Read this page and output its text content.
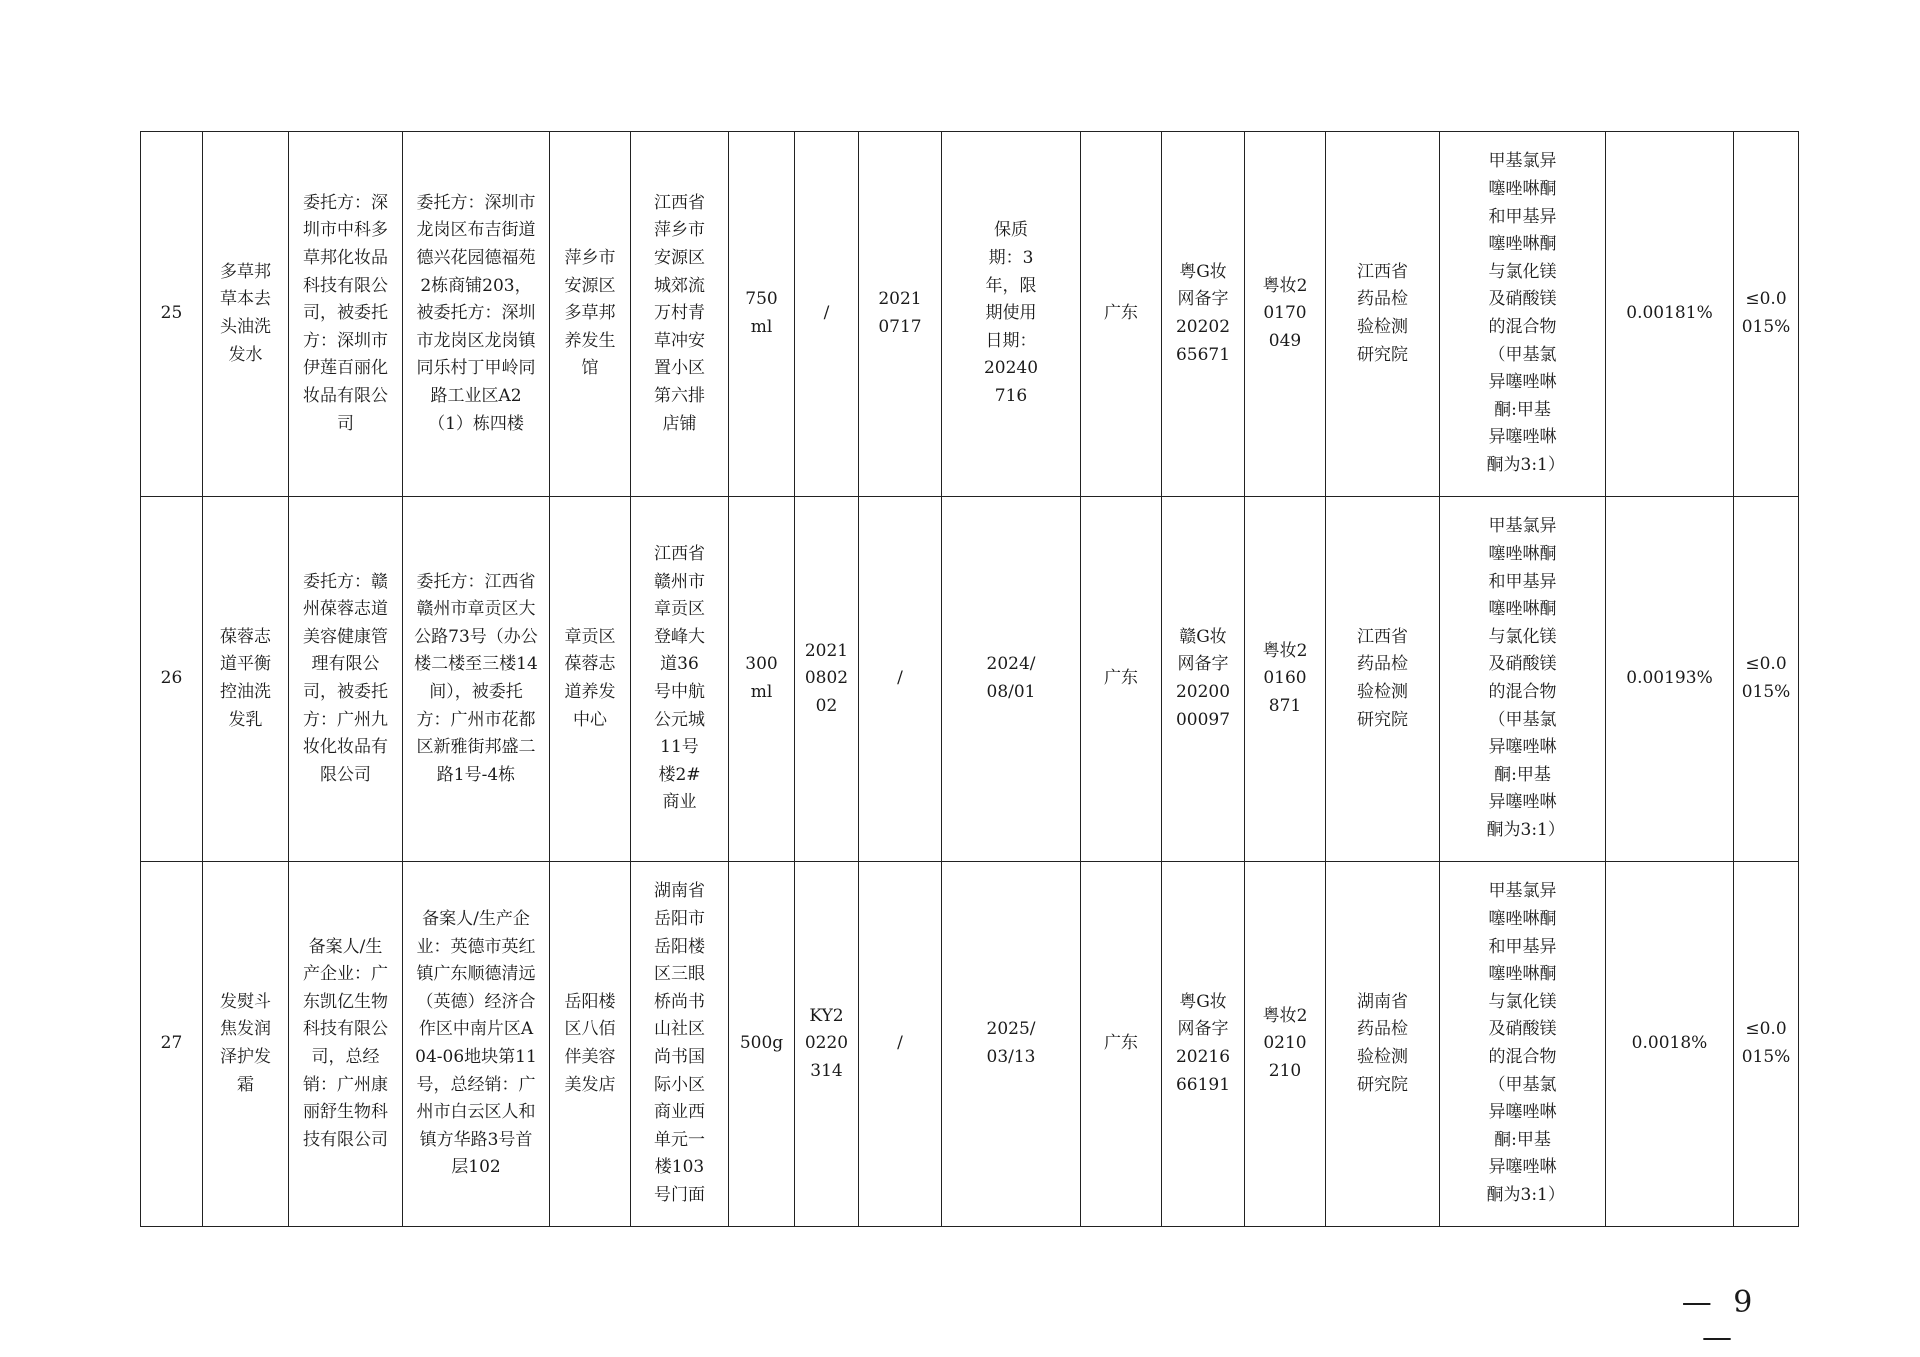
25	多草邦草本去头油洗发水	委托方：深圳市中科多草邦化妆品科技有限公司，被委托方：深圳市伊莲百丽化妆品有限公司	委托方：深圳市龙岗区布吉街道德兴花园德福苑2栋商铺203，被委托方：深圳市龙岗区龙岗镇同乐村丁甲岭同路工业区A2（1）栋四楼	萍乡市安源区多草邦养发生馆	江西省萍乡市安源区城郊流万村青草冲安置小区第六排店铺	750 ml	/	20210717	保质期：3年，限期使用日期：20240716	广东	粤G妆网备字2020265671	粤妆20170049	江西省药品检验检测研究院	甲基氯异噻唑啉酮和甲基异噻唑啉酮与氯化镁及硝酸镁的混合物（甲基氯异噻唑啉酮:甲基异噻唑啉酮为3:1）	0.00181%	≤0.0015%
26	葆蓉志道平衡控油洗发乳	委托方：赣州葆蓉志道美容健康管理有限公司，被委托方：广州九妆化妆品有限公司	委托方：江西省赣州市章贡区大公路73号（办公楼二楼至三楼14间），被委托方：广州市花都区新雅街邦盛二路1号-4栋	章贡区葆蓉志道养发中心	江西省赣州市章贡区登峰大道36号中航公元城11号楼2#商业	300 ml	20210802 02	/	2024/08/01	广东	赣G妆网备字2020000097	粤妆20160871	江西省药品检验检测研究院	甲基氯异噻唑啉酮和甲基异噻唑啉酮与氯化镁及硝酸镁的混合物（甲基氯异噻唑啉酮:甲基异噻唑啉酮为3:1）	0.00193%	≤0.0015%
27	发熨斗焦发润泽护发霜	备案人/生产企业：广东凯亿生物科技有限公司，总经销：广州康丽舒生物科技有限公司	备案人/生产企业：英德市英红镇广东顺德清远（英德）经济合作区中南片区A04-06地块第11号，总经销：广州市白云区人和镇方华路3号首层102	岳阳楼区八佰伴美容美发店	湖南省岳阳市岳阳楼区三眼桥尚书山社区尚书国际小区商业西单元一楼103号门面	500g	KY20220314	/	2025/03/13	广东	粤G妆网备字2021666191	粤妆20210210	湖南省药品检验检测研究院	甲基氯异噻唑啉酮和甲基异噻唑啉酮与氯化镁及硝酸镁的混合物（甲基氯异噻唑啉酮:甲基异噻唑啉酮为3:1）	0.0018%	≤0.0015%
— 9 —
